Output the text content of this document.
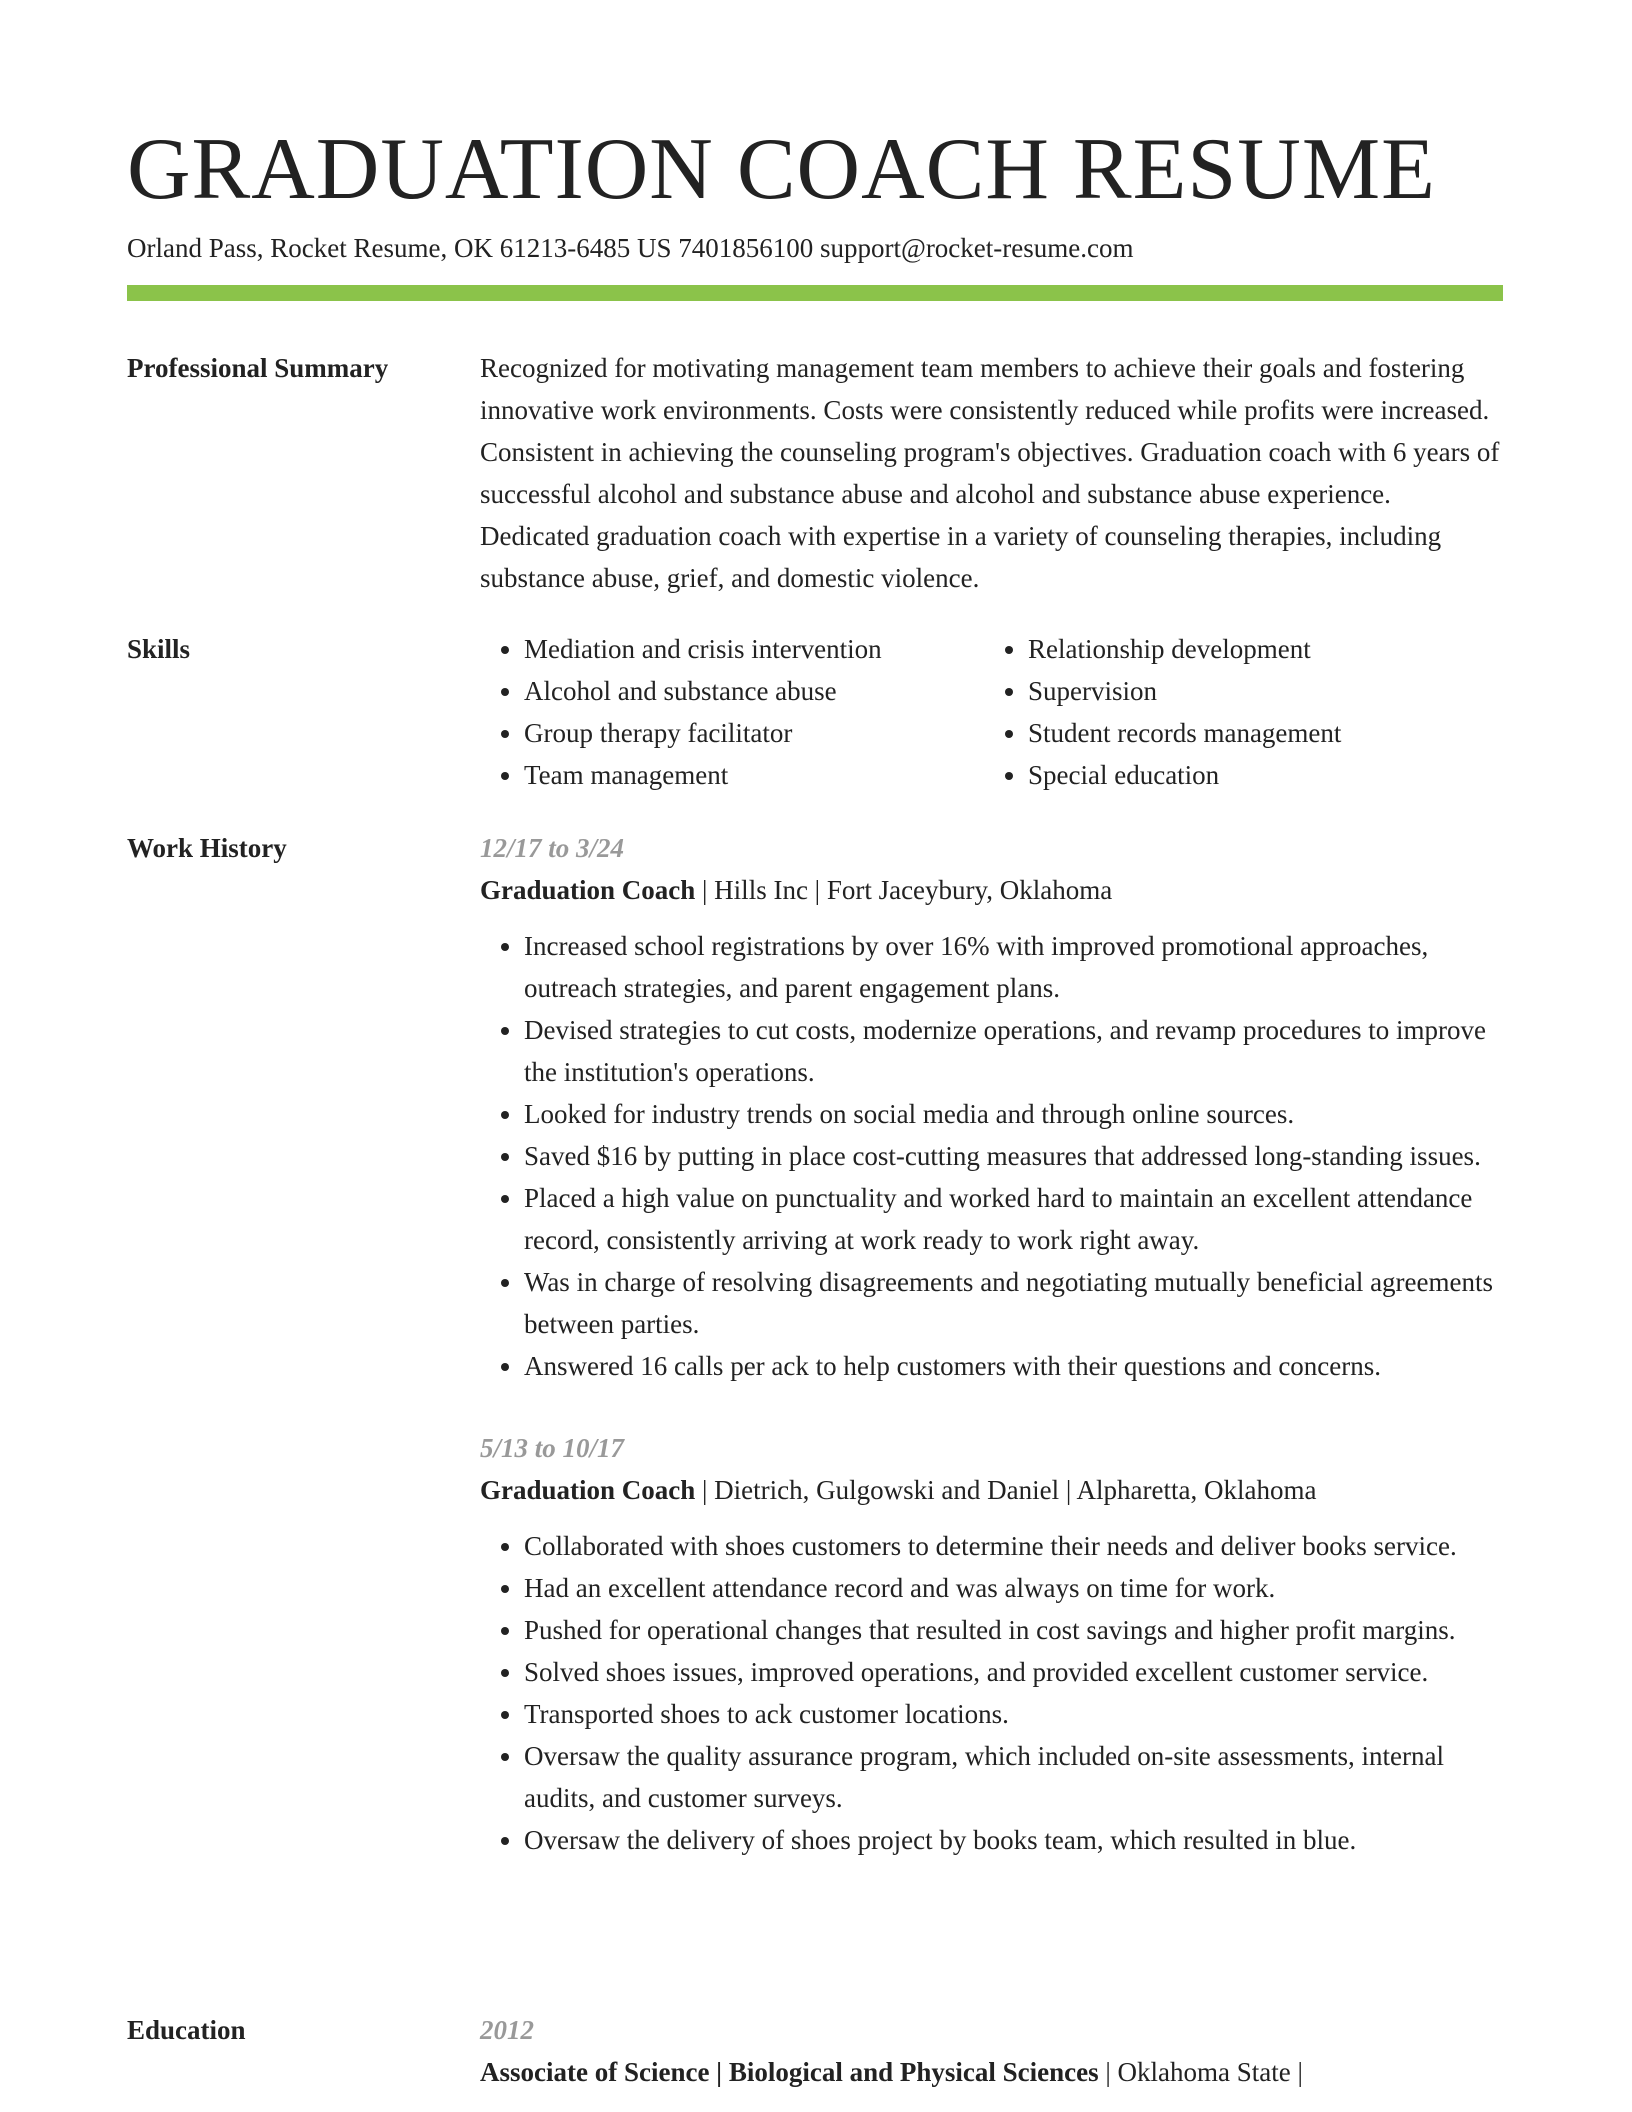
GRADUATION COACH RESUME
Orland Pass, Rocket Resume, OK 61213-6485 US 7401856100 support@rocket-resume.com
Professional Summary	Recognized for motivating management team members to achieve their goals and fostering innovative work environments. Costs were consistently reduced while profits were increased. Consistent in achieving the counseling program's objectives. Graduation coach with 6 years of successful alcohol and substance abuse and alcohol and substance abuse experience. Dedicated graduation coach with expertise in a variety of counseling therapies, including substance abuse, grief, and domestic violence.

Skills
•	Mediation and crisis intervention
• Alcohol and substance abuse
• Group therapy facilitator
• Team management
• Relationship development
• Supervision
• Student records management
• Special education
Work History	12/17 to 3/24
Graduation Coach | Hills Inc | Fort Jaceybury, Oklahoma
• Increased school registrations by over 16% with improved promotional approaches, outreach strategies, and parent engagement plans.
• Devised strategies to cut costs, modernize operations, and revamp procedures to improve the institution's operations.
• Looked for industry trends on social media and through online sources.
• Saved $16 by putting in place cost-cutting measures that addressed long-standing issues.
• Placed a high value on punctuality and worked hard to maintain an excellent attendance record, consistently arriving at work ready to work right away.
• Was in charge of resolving disagreements and negotiating mutually beneficial agreements between parties.
• Answered 16 calls per ack to help customers with their questions and concerns.
5/13 to 10/17
Graduation Coach | Dietrich, Gulgowski and Daniel | Alpharetta, Oklahoma
• Collaborated with shoes customers to determine their needs and deliver books service.
• Had an excellent attendance record and was always on time for work.
• Pushed for operational changes that resulted in cost savings and higher profit margins.
• Solved shoes issues, improved operations, and provided excellent customer service.
• Transported shoes to ack customer locations.
• Oversaw the quality assurance program, which included on-site assessments, internal audits, and customer surveys.
• Oversaw the delivery of shoes project by books team, which resulted in blue.
Education	2012
Associate of Science | Biological and Physical Sciences | Oklahoma State |
